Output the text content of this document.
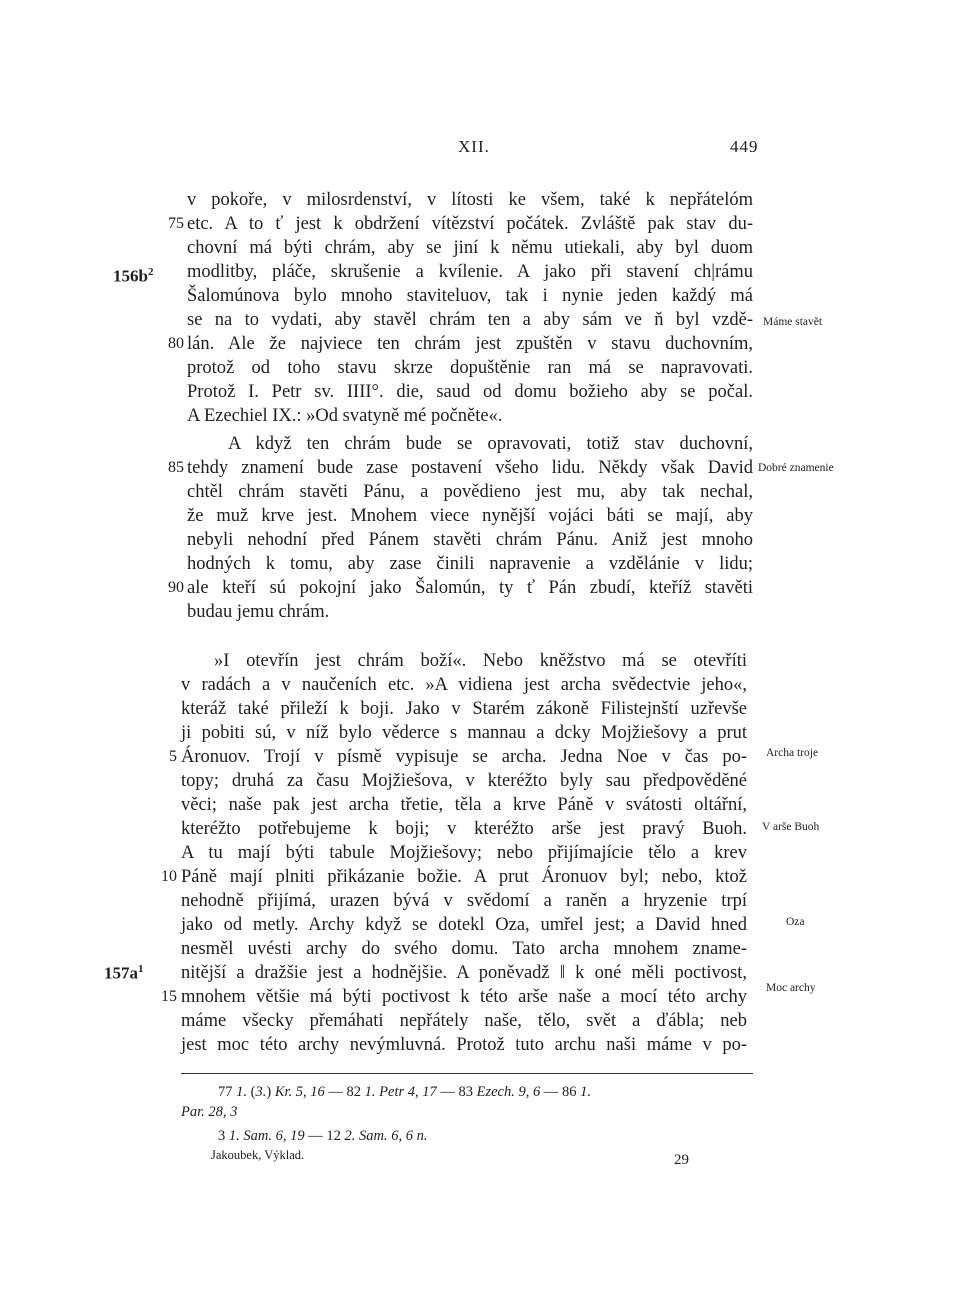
XII.	449
v pokoře, v milosrdenství, v lítosti ke všem, také k nepřátelóm
etc. A to ť jest k obdržení vítězství počátek. Zvláště pak stav du-
chovní má býti chrám, aby se jiní k němu utiekali, aby byl duom
modlitby, pláče, skrušenie a kvílenie. A jako při stavení ch|rámu
Šalomúnova bylo mnoho staviteluov, tak i nynie jeden každý má
se na to vydati, aby stavěl chrám ten a aby sám ve ň byl vzdě-
lán. Ale že najviece ten chrám jest zpuštěn v stavu duchovním,
protož od toho stavu skrze dopuštěnie ran má se napravovati.
Protož I. Petr sv. IIII°. die, saud od domu božieho aby se počal.
A Ezechiel IX.: »Od svatyně mé počněte«.
A když ten chrám bude se opravovati, totiž stav duchovní,
tehdy znamení bude zase postavení všeho lidu. Někdy však David
chtěl chrám stavěti Pánu, a povědieno jest mu, aby tak nechal,
že muž krve jest. Mnohem viece nynější vojáci báti se mají, aby
nebyli nehodní před Pánem stavěti chrám Pánu. Aniž jest mnoho
hodných k tomu, aby zase činili napravenie a vzdělánie v lidu;
ale kteří sú pokojní jako Šalomún, ty ť Pán zbudí, kteříž stavěti
budau jemu chrám.
75
80
85
90
$156b^2$
Máme stavět
Dobré znamenie
»I otevřín jest chrám boží«. Nebo kněžstvo má se otevříti
v radách a v naučeních etc. »A vidiena jest archa svědectvie jeho«,
kteráž také přileží k boji. Jako v Starém zákoně Filistejnští uzřevše
ji pobiti sú, v níž bylo věderce s mannau a dcky Mojžiešovy a prut
Áronuov. Trojí v písmě vypisuje se archa. Jedna Noe v čas po-
topy; druhá za času Mojžiešova, v kteréžto byly sau předpověděné
věci; naše pak jest archa třetie, těla a krve Páně v svátosti oltářní,
kteréžto potřebujeme k boji; v kteréžto arše jest pravý Buoh.
A tu mají býti tabule Mojžiešovy; nebo přijímajície tělo a krev
Páně mají plniti přikázanie božie. A prut Áronuov byl; nebo, ktož
nehodně přijímá, urazen bývá v svědomí a raněn a hryzenie trpí
jako od metly. Archy když se dotekl Oza, umřel jest; a David hned
nesměl uvésti archy do svého domu. Tato archa mnohem zname-
nitější a dražšie jest a hodnějšie. A poněvadž ‖ k oné měli poctivost,
mnohem většie má býti poctivost k této arše naše a mocí této archy
máme všecky přemáhati nepřátely naše, tělo, svět a ďábla; neb
jest moc této archy nevýmluvná. Protož tuto archu naši máme v po-
5
10
15
$157a^1$
Archa troje
V arše Buoh
Oza
Moc archy
77 1. (3.) Kr. 5, 16 — 82 1. Petr 4, 17 — 83 Ezech. 9, 6 — 86 1.
Par. 28, 3
3 1. Sam. 6, 19 — 12 2. Sam. 6, 6 n.
Jakoubek, Výklad.	29
